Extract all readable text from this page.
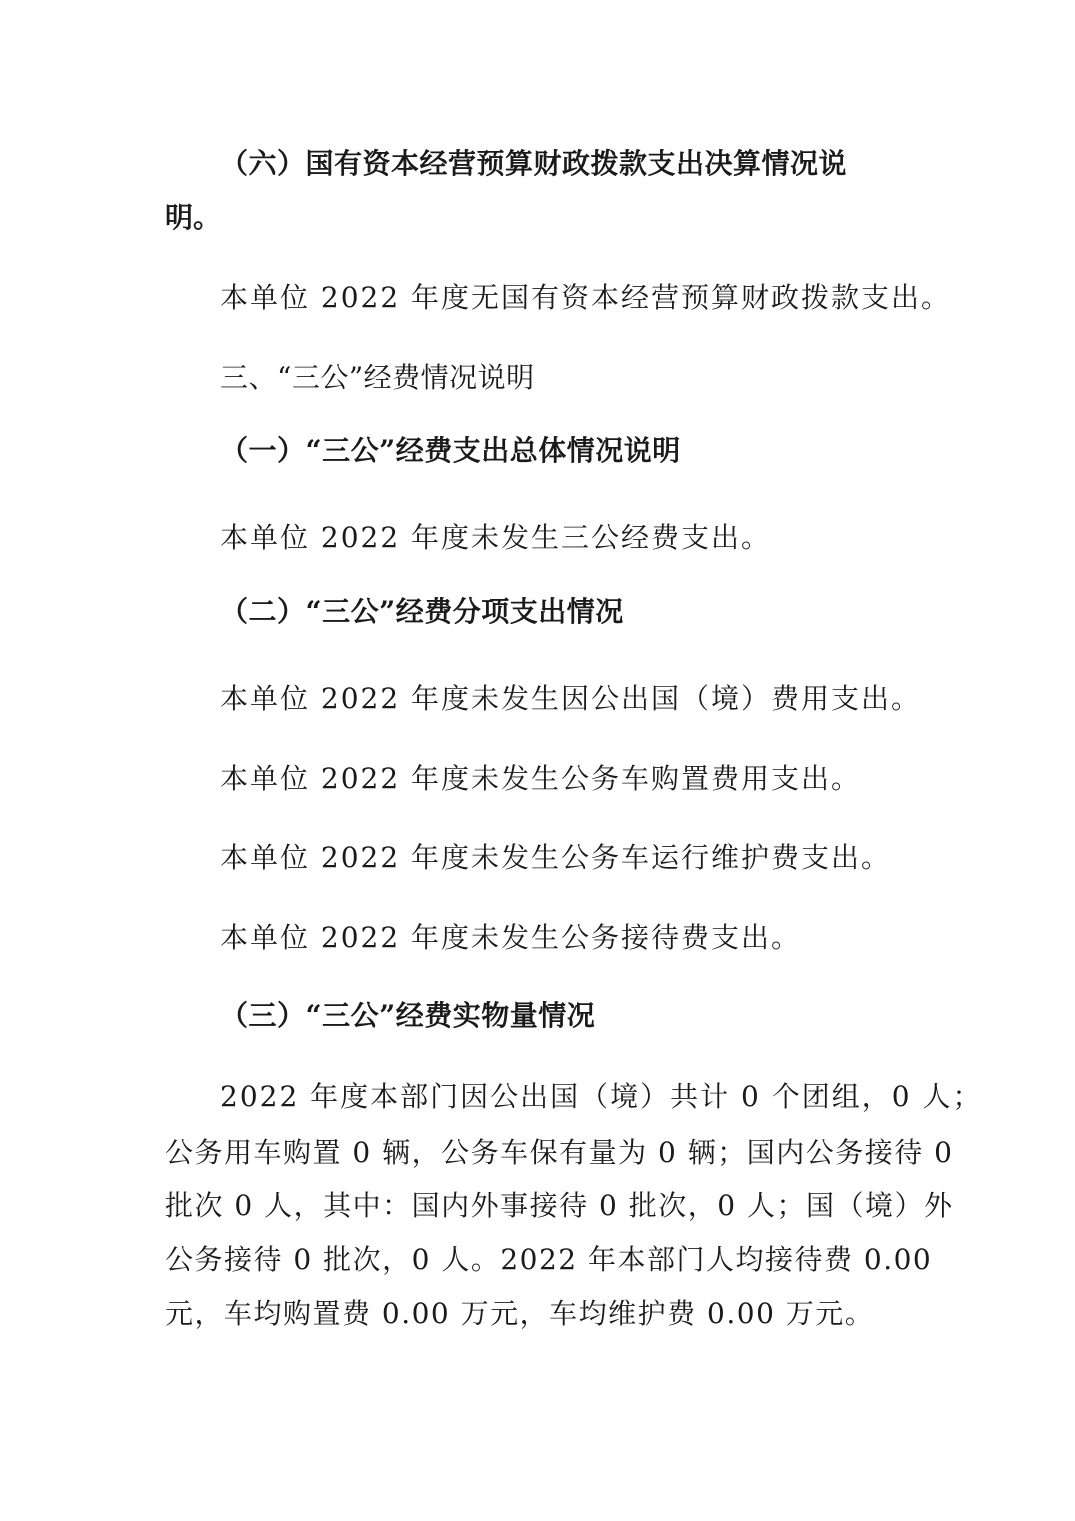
（六）国有资本经营预算财政拨款支出决算情况说
明。
本单位 2022 年度无国有资本经营预算财政拨款支出。
三、“三公”经费情况说明
（一）“三公”经费支出总体情况说明
本单位 2022 年度未发生三公经费支出。
（二）“三公”经费分项支出情况
本单位 2022 年度未发生因公出国（境）费用支出。
本单位 2022 年度未发生公务车购置费用支出。
本单位 2022 年度未发生公务车运行维护费支出。
本单位 2022 年度未发生公务接待费支出。
（三）“三公”经费实物量情况
2022 年度本部门因公出国（境）共计 0 个团组，0 人；
公务用车购置 0 辆，公务车保有量为 0 辆；国内公务接待 0
批次 0 人，其中：国内外事接待 0 批次，0 人；国（境）外
公务接待 0 批次，0 人。2022 年本部门人均接待费 0.00
元，车均购置费 0.00 万元，车均维护费 0.00 万元。
